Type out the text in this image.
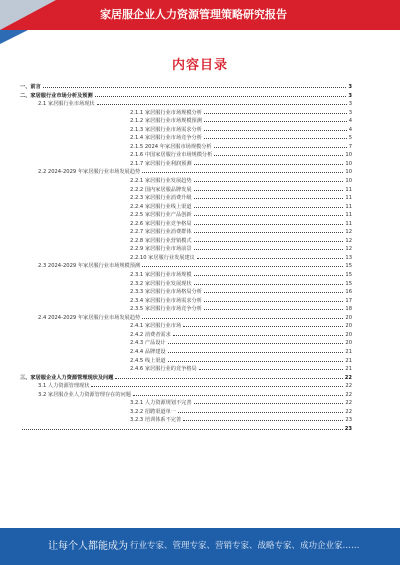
家居服企业人力资源管理策略研究报告
内容目录
一、前言	3
二、家居服行业市场分析及预测	3
2.1 家居服行业市场现状	3
2.1.1 家居服行业市场规模分析	3
2.1.2 家居服行业市场规模预测	4
2.1.3 家居服行业市场需求分析	4
2.1.4 家居服行业市场竞争分析	5
2.1.5 2024 年家居服市场规模分析	7
2.1.6 中国家居服行业市场规模分析	10
2.1.7 家居服行业利润预测	10
2.2 2024-2029 年家居服行业市场发展趋势	10
2.2.1 家居服行业发展趋势	10
2.2.2 国内家居服品牌发展	11
2.2.3 家居服行业消费升级	11
2.2.4 家居服行业线上渠道	11
2.2.5 家居服行业产品创新	11
2.2.6 家居服行业竞争格局	11
2.2.7 家居服行业消费群体	12
2.2.8 家居服行业营销模式	12
2.2.9 家居服行业市场前景	12
2.2.10 家居服行业发展建议	13
2.3 2024-2029 年家居服行业市场规模预测	15
2.3.1 家居服行业市场规模	15
2.3.2 家居服行业发展现状	15
2.3.3 家居服行业市场格局分析	16
2.3.4 家居服行业市场需求分析	17
2.3.5 家居服行业市场竞争分析	18
2.4 2024-2029 年家居服行业市场发展趋势	20
2.4.1 家居服行业市场	20
2.4.2 消费者需求	20
2.4.3 产品设计	20
2.4.4 品牌建设	21
2.4.5 线上渠道	21
2.4.6 家居服行业的竞争格局	21
三、家居服企业人力资源管理现状及问题	22
3.1 人力资源管理现状	22
3.2 家居服企业人力资源管理存在的问题	22
3.2.1 人力资源规划不完善	22
3.2.2 招聘渠道单一	22
3.2.3 培训体系不完善	23
23
让每个人都能成为 行业专家、管理专家、营销专家、战略专家、成功企业家……
